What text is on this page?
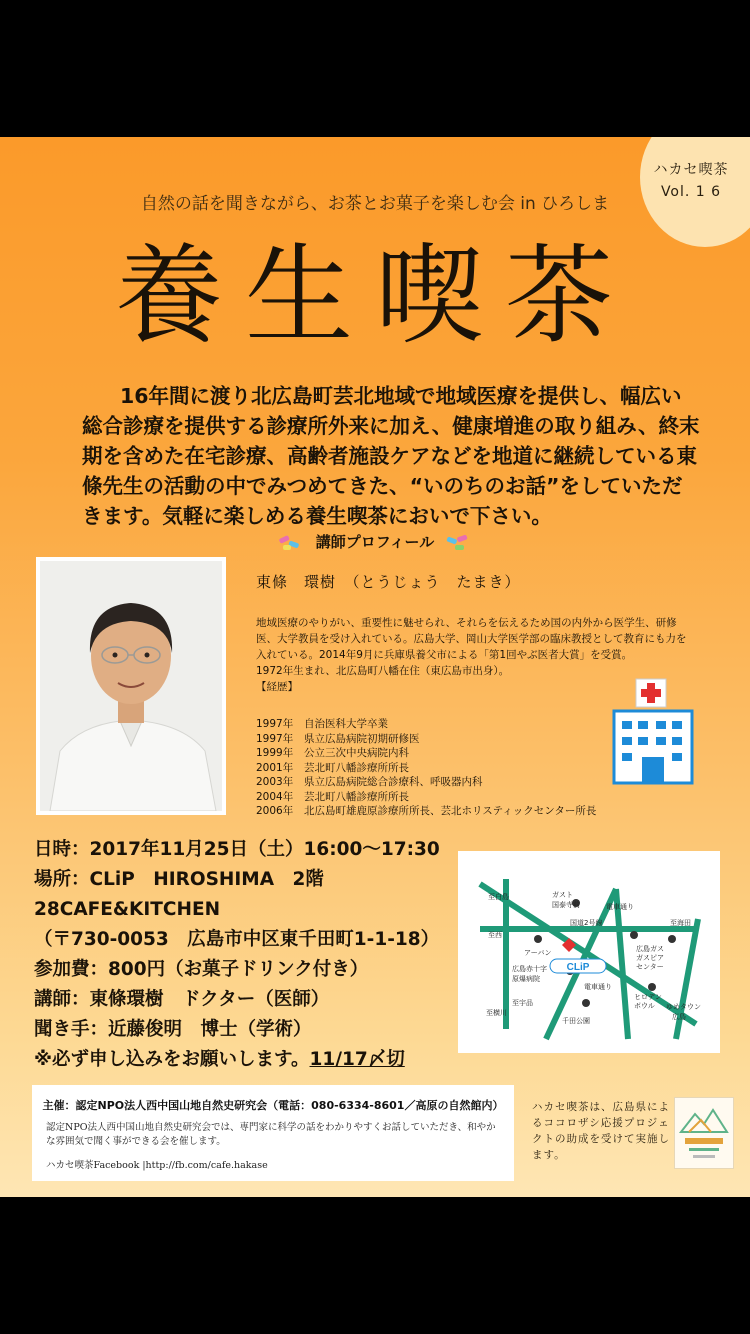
ハカセ喫茶
Vol. 1 6
自然の話を聞きながら、お茶とお菓子を楽しむ会 in ひろしま
養生喫茶

16年間に渡り北広島町芸北地域で地域医療を提供し、幅広い総合診療を提供する診療所外来に加え、健康増進の取り組み、終末期を含めた在宅診療、高齢者施設ケアなどを地道に継続している東條先生の活動の中でみつめてきた、“いのちのお話”をしていただきます。気軽に楽しめる養生喫茶においで下さい。

講師プロフィール
東條　環樹　（とうじょう　たまき）
地域医療のやりがい、重要性に魅せられ、それらを伝えるため国の内外から医学生、研修医、大学教員を受け入れている。広島大学、岡山大学医学部の臨床教授として教育にも力を入れている。2014年9月に兵庫県養父市による「第1回やぶ医者大賞」を受賞。
1972年生まれ、北広島町八幡在住（東広島市出身）。
【経歴】
1997年 自治医科大学卒業
1997年 県立広島病院初期研修医
1999年 公立三次中央病院内科
2001年 芸北町八幡診療所所長
2003年 県立広島病院総合診療科、呼吸器内科
2004年 芸北町八幡診療所所長
2006年 北広島町雄鹿原診療所所長、芸北ホリスティックセンター所長
日時：2017年11月25日（土）16:00〜17:30
場所：CLiP　HIROSHIMA　2階
28CAFE&KITCHEN
（〒730-0053　広島市中区東千田町1-1-18）
参加費：800円（お菓子ドリンク付き）
講師：東條環樹　ドクター（医師）
聞き手：近藤俊明　博士（学術）
※必ず申し込みをお願いします。11/17〆切
CLiP
ガスト
国泰寺前
至白島
電車通り
至西
至横川
国道2号線	至海田
アーバン
広島赤十字
原爆病院
広島ガス
ガスピア
センター
ヒロデン
ボウル ゆめタウン
広島
電車通り
千田公園
至宇品
主催：認定NPO法人西中国山地自然史研究会（電話：080-6334-8601／高原の自然館内）
認定NPO法人西中国山地自然史研究会では、専門家に科学の話をわかりやすくお話していただき、和やかな雰囲気で聞く事ができる会を催します。
ハカセ喫茶Facebook |http://fb.com/cafe.hakase
ハカセ喫茶は、広島県によるココロザシ応援プロジェクトの助成を受けて実施します。
